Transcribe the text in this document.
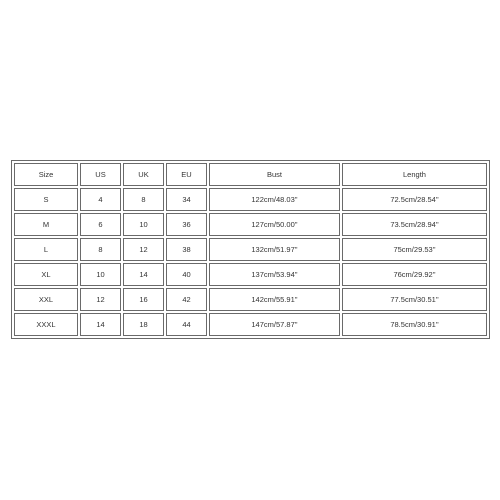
Size	US	UK	EU	Bust	Length
S	4	8	34	122cm/48.03''	72.5cm/28.54''
M	6	10	36	127cm/50.00''	73.5cm/28.94''
L	8	12	38	132cm/51.97''	75cm/29.53''
XL	10	14	40	137cm/53.94''	76cm/29.92''
XXL	12	16	42	142cm/55.91''	77.5cm/30.51''
XXXL	14	18	44	147cm/57.87''	78.5cm/30.91''
